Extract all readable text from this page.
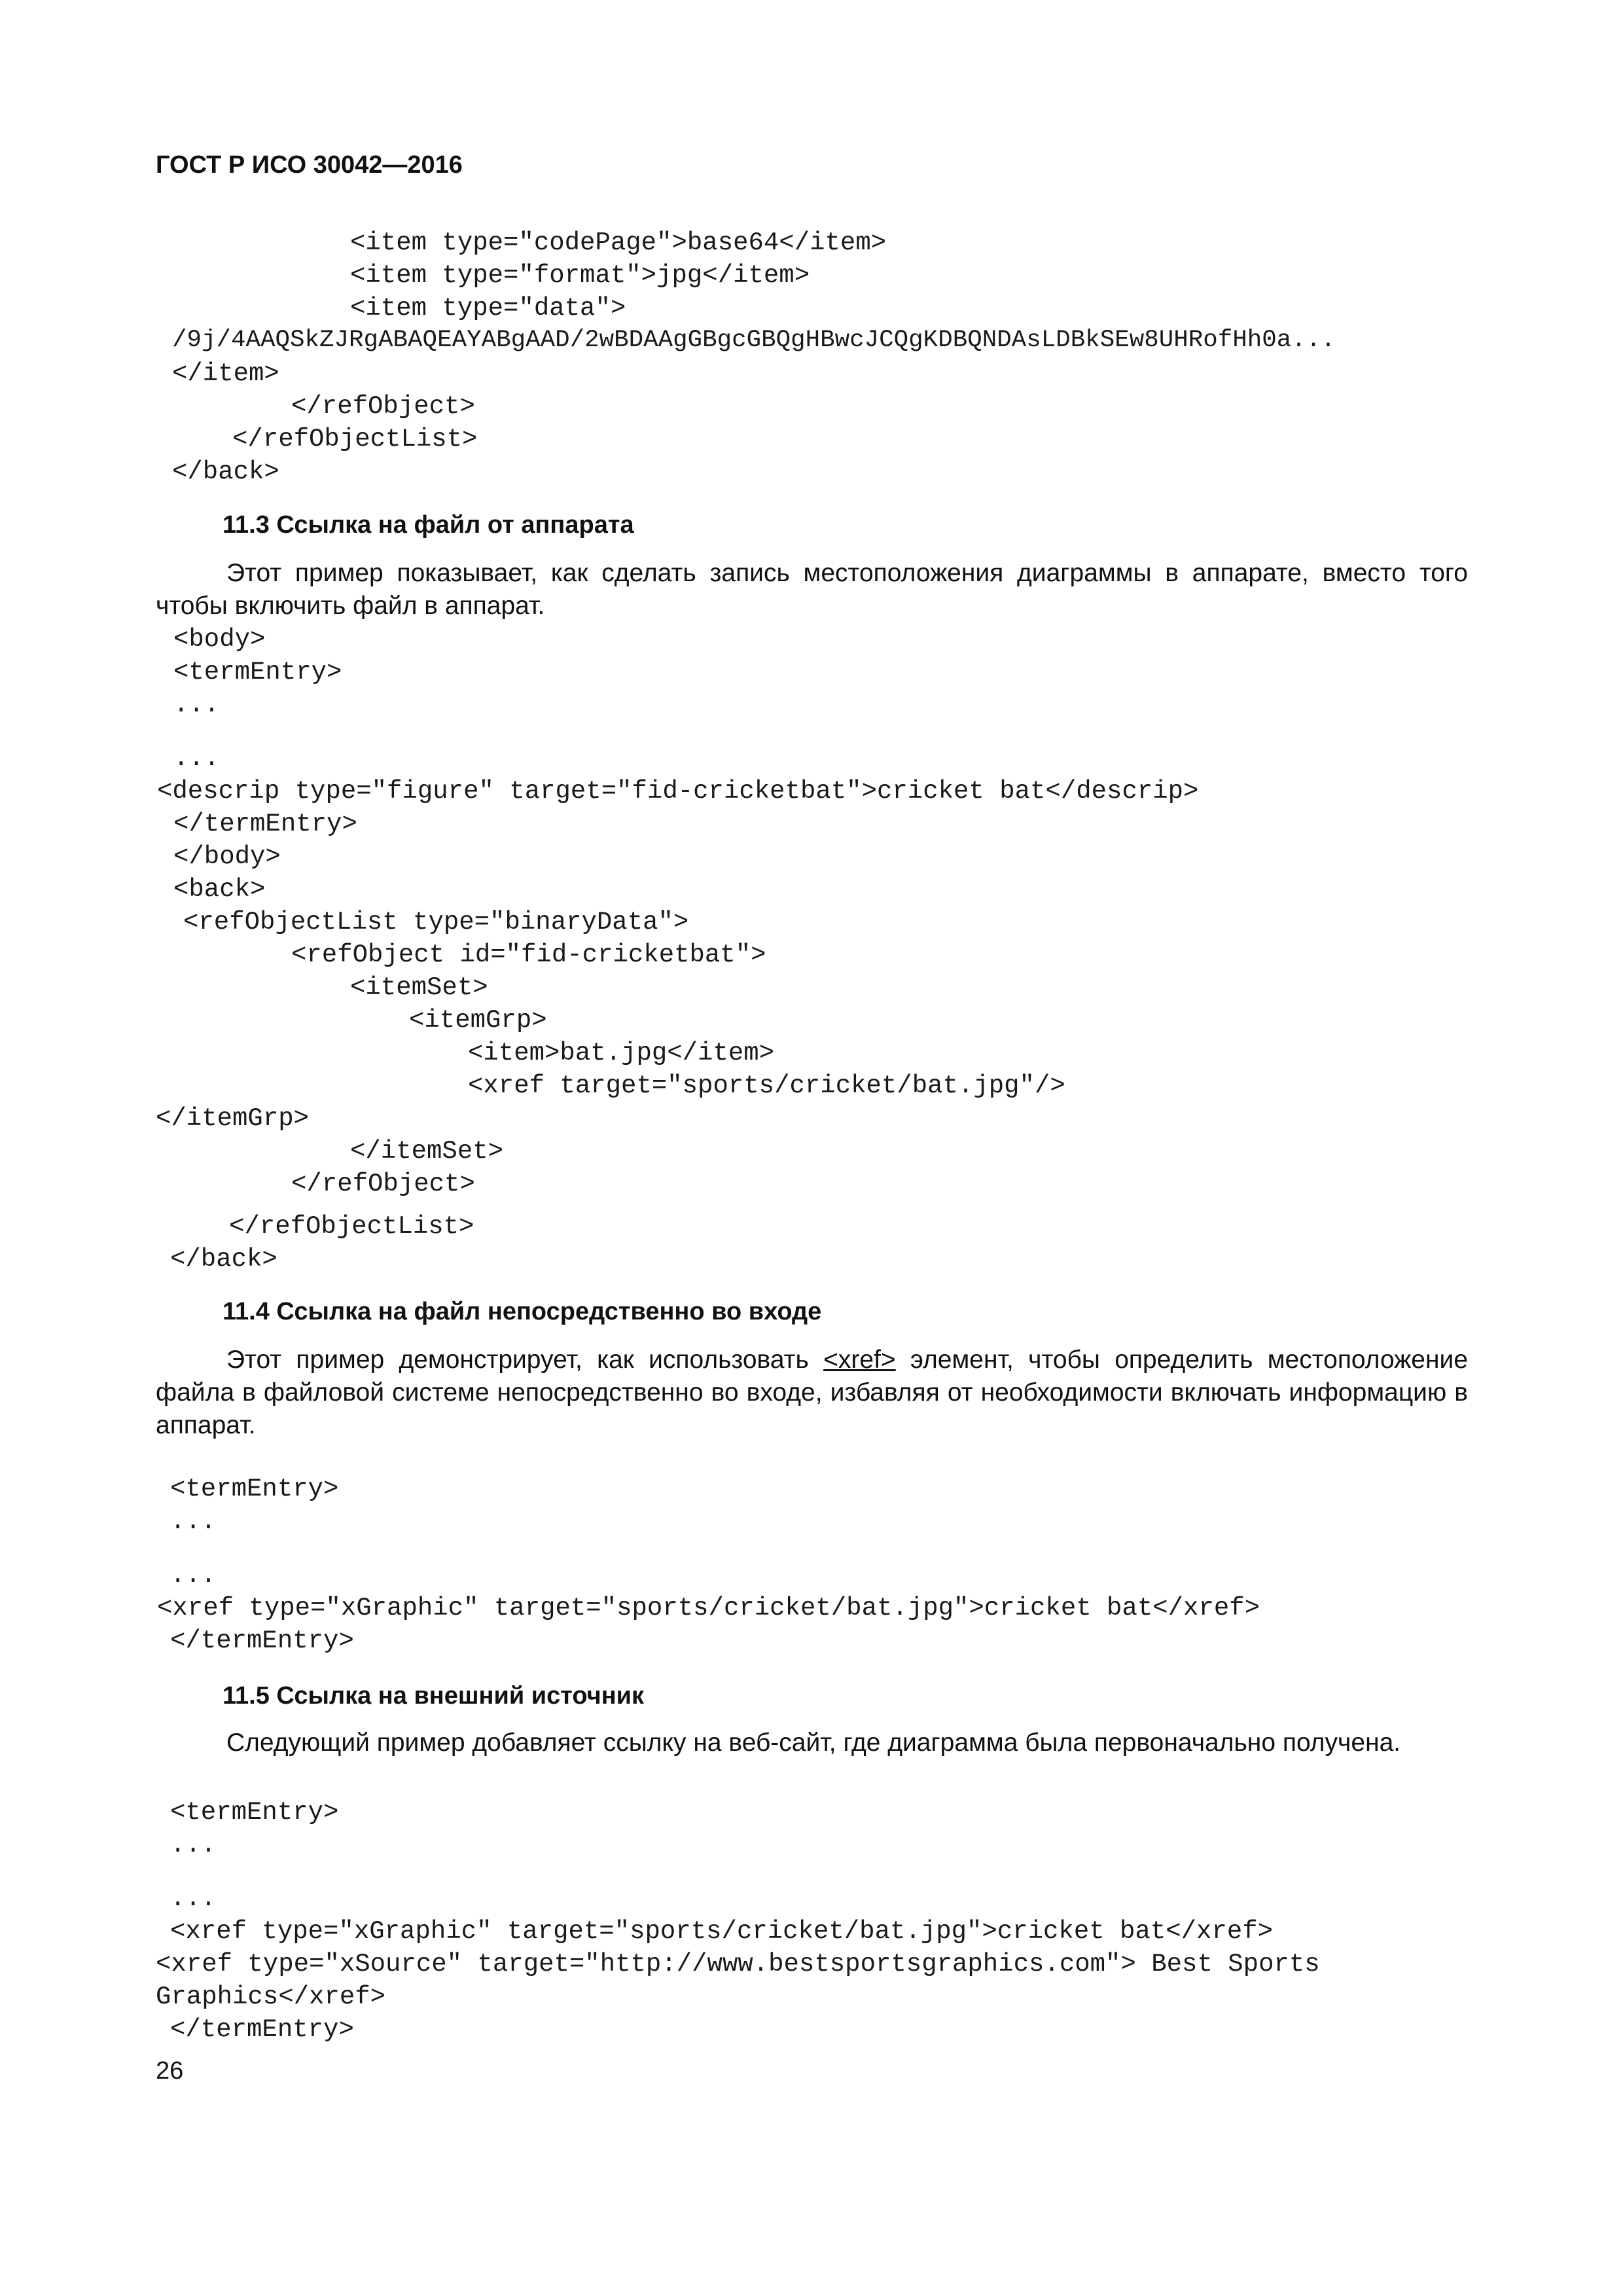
ГОСТ Р ИСО 30042—2016
<item type="codePage">base64</item>
<item type="format">jpg</item>
<item type="data">
/9j/4AAQSkZJRgABAQEAYABgAAD/2wBDAAgGBgcGBQgHBwcJCQgKDBQNDAsLDBkSEw8UHRofHh0a...
</item>
</refObject>
</refObjectList>
</back>
11.3 Ссылка на файл от аппарата
Этот пример показывает, как сделать запись местоположения диаграммы в аппарате, вместо того чтобы включить файл в аппарат.
<body>
<termEntry>
...
...
<descrip type="figure" target="fid-cricketbat">cricket bat</descrip>
</termEntry>
</body>
<back>
<refObjectList type="binaryData">
<refObject id="fid-cricketbat">
<itemSet>
<itemGrp>
<item>bat.jpg</item>
<xref target="sports/cricket/bat.jpg"/>
</itemGrp>
</itemSet>
</refObject>
</refObjectList>
</back>
11.4 Ссылка на файл непосредственно во входе
Этот пример демонстрирует, как использовать <xref> элемент, чтобы определить местоположение файла в файловой системе непосредственно во входе, избавляя от необходимости включать информацию в аппарат.
<termEntry>
...
...
<xref type="xGraphic" target="sports/cricket/bat.jpg">cricket bat</xref>
</termEntry>
11.5 Ссылка на внешний источник
Следующий пример добавляет ссылку на веб-сайт, где диаграмма была первоначально получена.
<termEntry>
...
...
<xref type="xGraphic" target="sports/cricket/bat.jpg">cricket bat</xref>
<xref type="xSource" target="http://www.bestsportsgraphics.com"> Best Sports
Graphics</xref>
</termEntry>
26
